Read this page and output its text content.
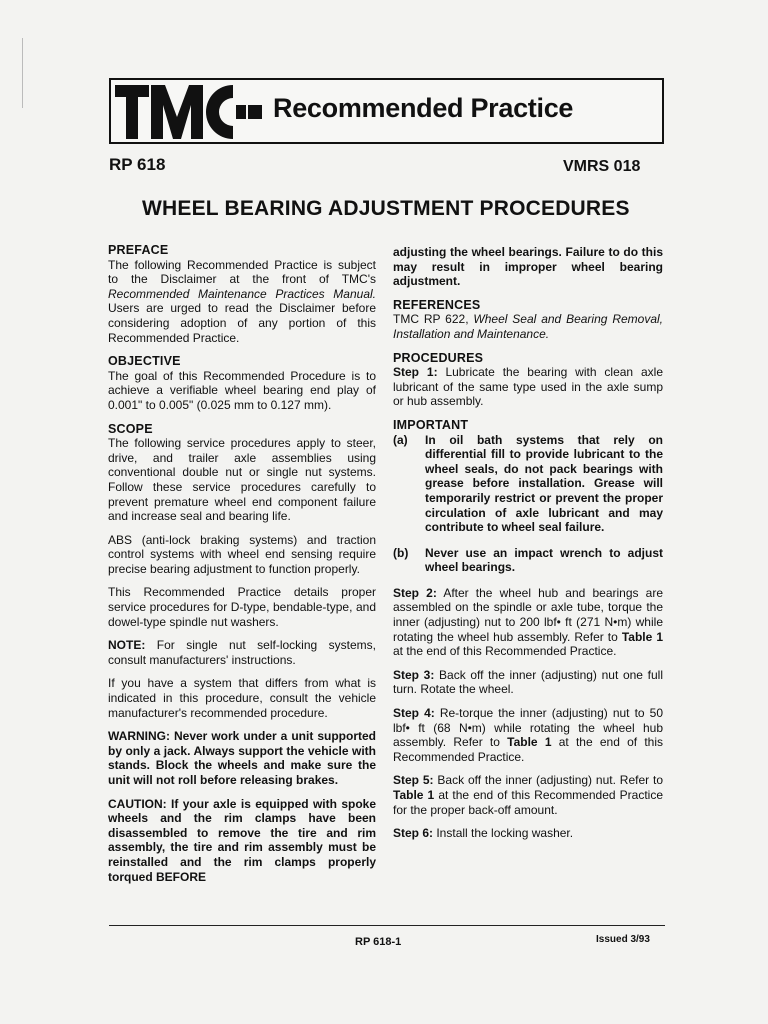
Recommended Practice
RP 618	VMRS 018
WHEEL BEARING ADJUSTMENT PROCEDURES
PREFACE

The following Recommended Practice is subject to the Disclaimer at the front of TMC's Recommended Maintenance Practices Manual. Users are urged to read the Disclaimer before considering adoption of any portion of this Recommended Practice.

OBJECTIVE

The goal of this Recommended Procedure is to achieve a verifiable wheel bearing end play of 0.001" to 0.005" (0.025 mm to 0.127 mm).

SCOPE

The following service procedures apply to steer, drive, and trailer axle assemblies using conventional double nut or single nut systems. Follow these service procedures carefully to prevent premature wheel end component failure and increase seal and bearing life.

ABS (anti-lock braking systems) and traction control systems with wheel end sensing require precise bearing adjustment to function properly.

This Recommended Practice details proper service procedures for D-type, bendable-type, and dowel-type spindle nut washers.

NOTE: For single nut self-locking systems, consult manufacturers' instructions.

If you have a system that differs from what is indicated in this procedure, consult the vehicle manufacturer's recommended procedure.

WARNING: Never work under a unit supported by only a jack. Always support the vehicle with stands. Block the wheels and make sure the unit will not roll before releasing brakes.

CAUTION: If your axle is equipped with spoke wheels and the rim clamps have been disassembled to remove the tire and rim assembly, the tire and rim assembly must be reinstalled and the rim clamps properly torqued BEFORE

adjusting the wheel bearings. Failure to do this may result in improper wheel bearing adjustment.

REFERENCES

TMC RP 622, Wheel Seal and Bearing Removal, Installation and Maintenance.

PROCEDURES

Step 1: Lubricate the bearing with clean axle lubricant of the same type used in the axle sump or hub assembly.

IMPORTANT
(a)	In oil bath systems that rely on differential fill to provide lubricant to the wheel seals, do not pack bearings with grease before installation. Grease will temporarily restrict or prevent the proper circulation of axle lubricant and may contribute to wheel seal failure.
(b)	Never use an impact wrench to adjust wheel bearings.

Step 2: After the wheel hub and bearings are assembled on the spindle or axle tube, torque the inner (adjusting) nut to 200 lbf• ft (271 N•m) while rotating the wheel hub assembly. Refer to Table 1 at the end of this Recommended Practice.

Step 3: Back off the inner (adjusting) nut one full turn. Rotate the wheel.

Step 4: Re-torque the inner (adjusting) nut to 50 lbf• ft (68 N•m) while rotating the wheel hub assembly. Refer to Table 1 at the end of this Recommended Practice.

Step 5: Back off the inner (adjusting) nut. Refer to Table 1 at the end of this Recommended Practice for the proper back-off amount.

Step 6: Install the locking washer.

RP 618-1	Issued 3/93
